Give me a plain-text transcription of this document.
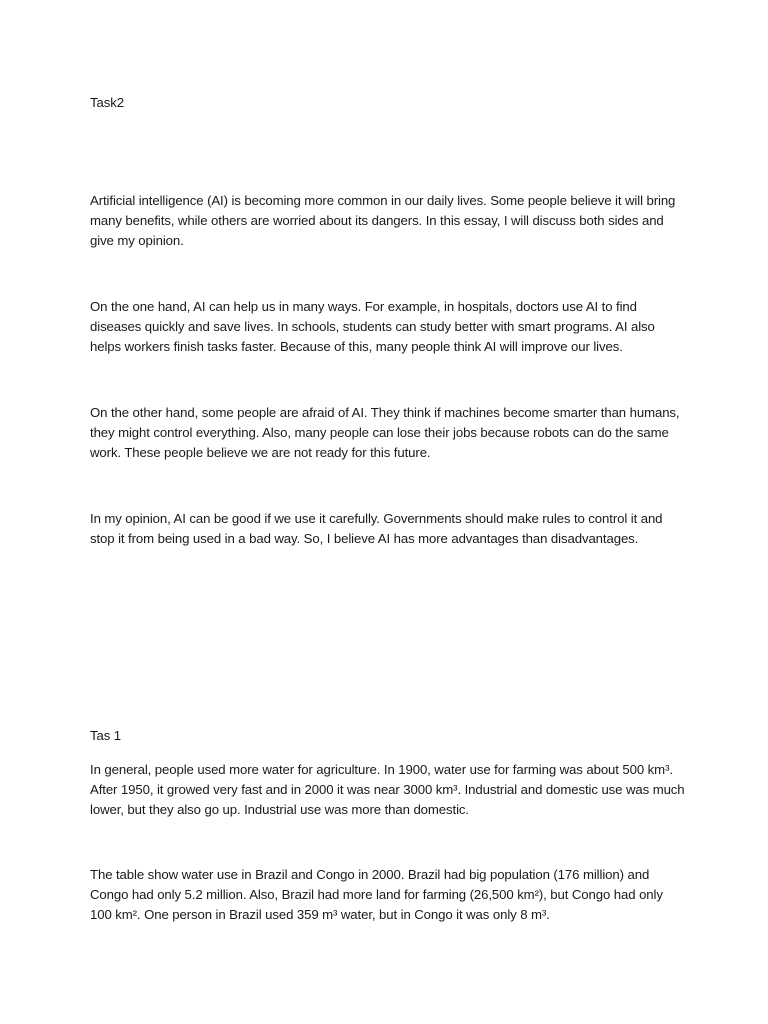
Task2

Artificial intelligence (AI) is becoming more common in our daily lives. Some people believe it will bring many benefits, while others are worried about its dangers. In this essay, I will discuss both sides and give my opinion.

On the one hand, AI can help us in many ways. For example, in hospitals, doctors use AI to find diseases quickly and save lives. In schools, students can study better with smart programs. AI also helps workers finish tasks faster. Because of this, many people think AI will improve our lives.

On the other hand, some people are afraid of AI. They think if machines become smarter than humans, they might control everything. Also, many people can lose their jobs because robots can do the same work. These people believe we are not ready for this future.

In my opinion, AI can be good if we use it carefully. Governments should make rules to control it and stop it from being used in a bad way. So, I believe AI has more advantages than disadvantages.

Tas 1

In general, people used more water for agriculture. In 1900, water use for farming was about 500 km³. After 1950, it growed very fast and in 2000 it was near 3000 km³. Industrial and domestic use was much lower, but they also go up. Industrial use was more than domestic.

The table show water use in Brazil and Congo in 2000. Brazil had big population (176 million) and Congo had only 5.2 million. Also, Brazil had more land for farming (26,500 km²), but Congo had only 100 km². One person in Brazil used 359 m³ water, but in Congo it was only 8 m³.
